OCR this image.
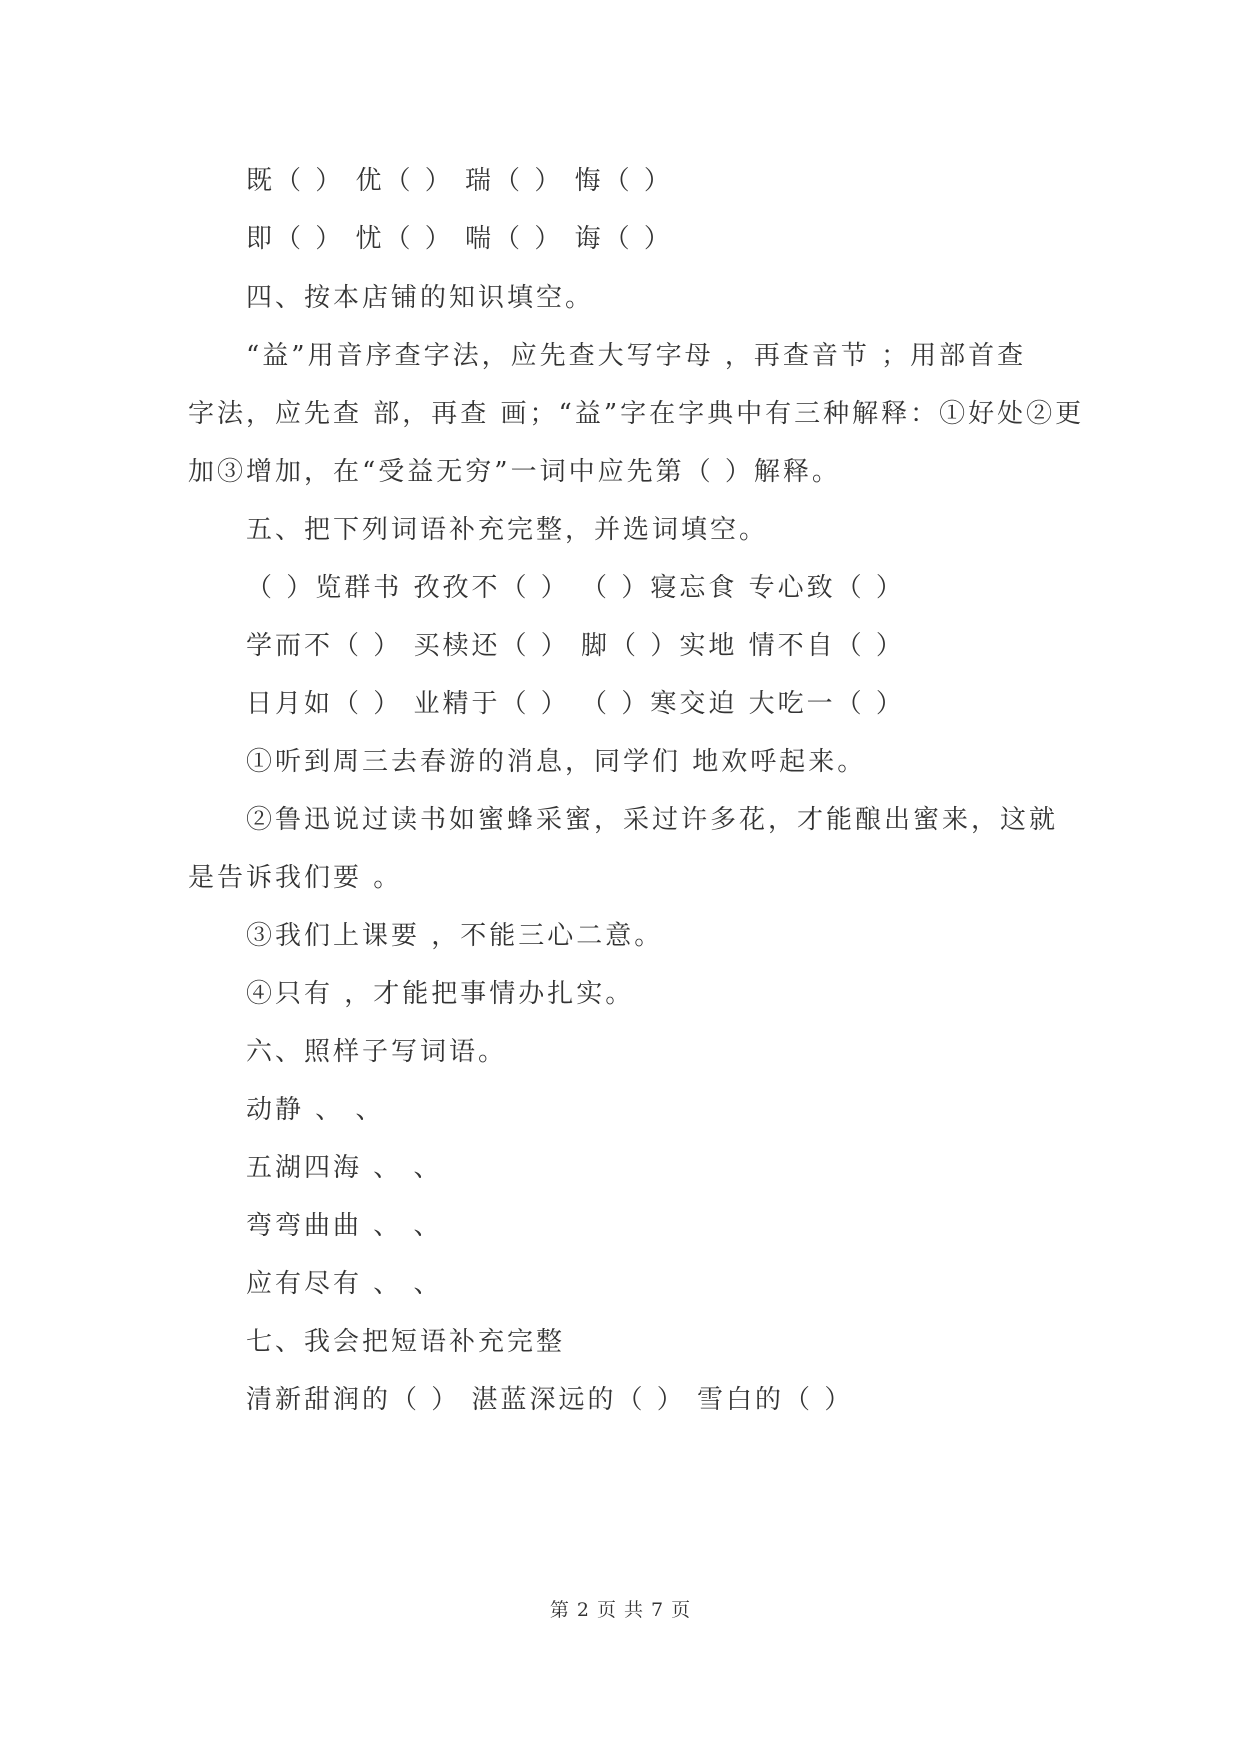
既（ ） 优（ ） 瑞（ ） 悔（ ）
即（ ） 忧（ ） 喘（ ） 诲（ ）
四、按本店铺的知识填空。
“益”用音序查字法，应先查大写字母 ，再查音节 ；用部首查
字法，应先查 部，再查 画；“益”字在字典中有三种解释：①好处②更
加③增加，在“受益无穷”一词中应先第（ ）解释。
五、把下列词语补充完整，并选词填空。
（ ）览群书 孜孜不（ ） （ ）寝忘食 专心致（ ）
学而不（ ） 买椟还（ ） 脚（ ）实地 情不自（ ）
日月如（ ） 业精于（ ） （ ）寒交迫 大吃一（ ）
①听到周三去春游的消息，同学们 地欢呼起来。
②鲁迅说过读书如蜜蜂采蜜，采过许多花，才能酿出蜜来，这就
是告诉我们要 。
③我们上课要 ，不能三心二意。
④只有 ，才能把事情办扎实。
六、照样子写词语。
动静 、 、
五湖四海 、 、
弯弯曲曲 、 、
应有尽有 、 、
七、我会把短语补充完整
清新甜润的（ ） 湛蓝深远的（ ） 雪白的（ ）
第 2 页 共 7 页
